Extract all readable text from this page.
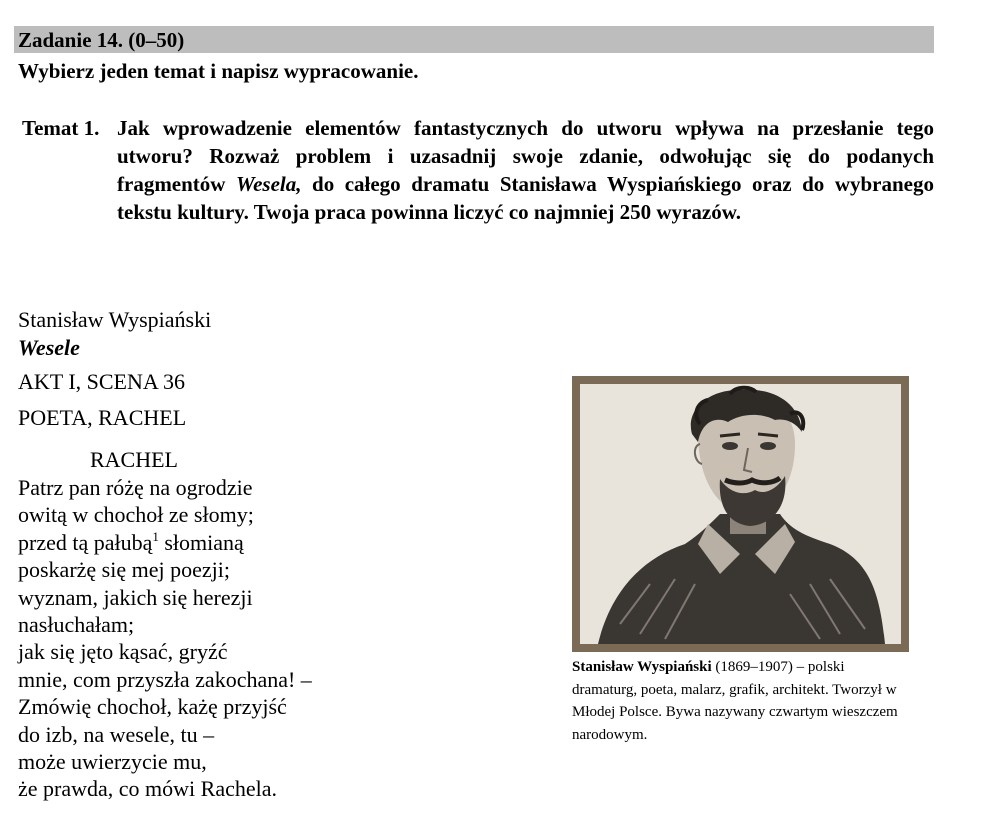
Zadanie 14. (0–50)
Wybierz jeden temat i napisz wypracowanie.
Temat 1. Jak wprowadzenie elementów fantastycznych do utworu wpływa na przesłanie tego utworu? Rozważ problem i uzasadnij swoje zdanie, odwołując się do podanych fragmentów Wesela, do całego dramatu Stanisława Wyspiańskiego oraz do wybranego tekstu kultury. Twoja praca powinna liczyć co najmniej 250 wyrazów.
Stanisław Wyspiański
Wesele
AKT I, SCENA 36
POETA, RACHEL
RACHEL
Patrz pan różę na ogrodzie
owitą w chochoł ze słomy;
przed tą pałubą$^1$ słomianą
poskarżę się mej poezji;
wyznam, jakich się herezji
nasłuchałam;
jak się jęto kąsać, gryźć
mnie, com przyszła zakochana! –
Zmówię chochoł, każę przyjść
do izb, na wesele, tu –
może uwierzycie mu,
że prawda, co mówi Rachela.
Stanisław Wyspiański (1869–1907) – polski dramaturg, poeta, malarz, grafik, architekt. Tworzył w Młodej Polsce. Bywa nazywany czwartym wieszczem narodowym.
